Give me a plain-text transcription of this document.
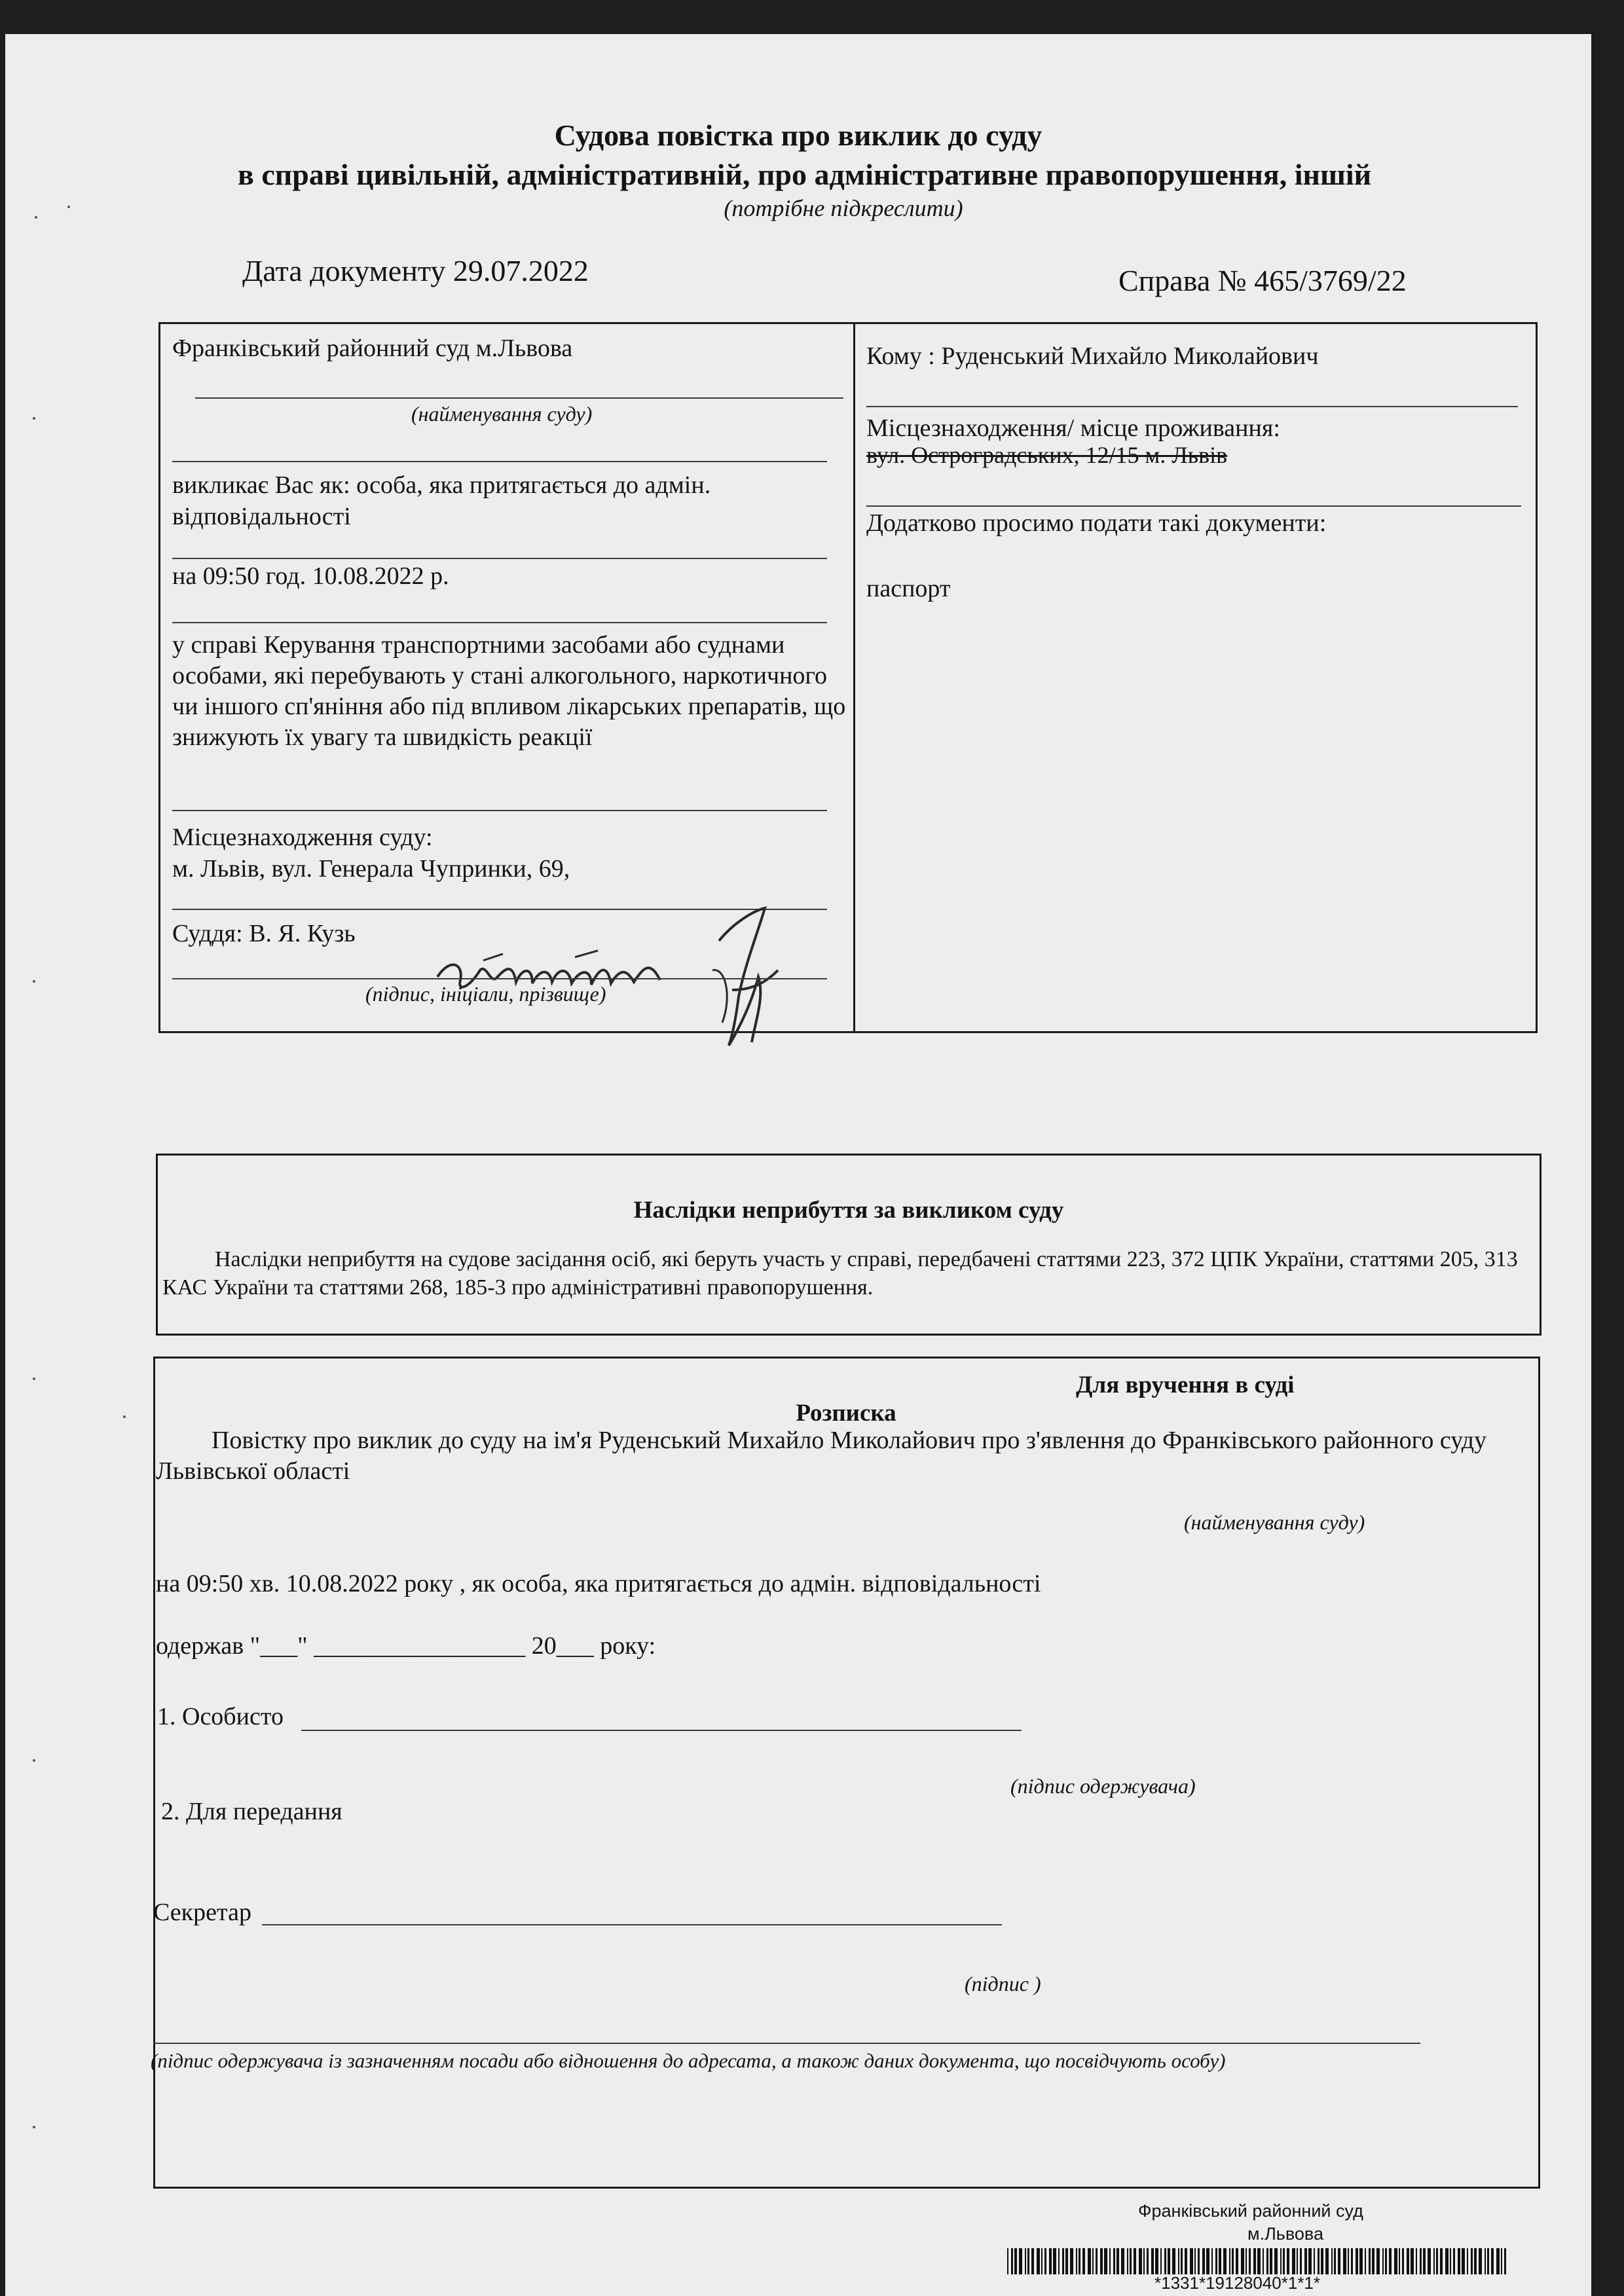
Судова повістка про виклик до суду
в справі цивільній, адміністративній, про адміністративне правопорушення, іншій
(потрібне підкреслити)
Дата документу 29.07.2022	Справа № 465/3769/22
Франківський районний суд м.Львова
(найменування суду)
викликає Вас як: особа, яка притягається до адмін. відповідальності
на 09:50 год. 10.08.2022 р.
у справі Керування транспортними засобами або суднами особами, які перебувають у стані алкогольного, наркотичного чи іншого сп'яніння або під впливом лікарських препаратів, що знижують їх увагу та швидкість реакції
Місцезнаходження суду:
м. Львів, вул. Генерала Чупринки, 69,
Суддя: В. Я. Кузь
(підпис, ініціали, прізвище)
Кому : Руденський Михайло Миколайович
Місцезнаходження/ місце проживання:
вул. Остроградських, 12/15 м. Львів
Додатково просимо подати такі документи:
паспорт
Наслідки неприбуття за викликом суду
Наслідки неприбуття на судове засідання осіб, які беруть участь у справі, передбачені статтями 223, 372 ЦПК України, статтями 205, 313 КАС України та статтями 268, 185-3 про адміністративні правопорушення.
Для вручення в суді
Розписка
Повістку про виклик до суду на ім'я Руденський Михайло Миколайович про з'явлення до Франківського районного суду Львівської області
(найменування суду)
на 09:50 хв. 10.08.2022 року , як особа, яка притягається до адмін. відповідальності
одержав "___" _________________ 20___ року:
1. Особисто
(підпис одержувача)
2. Для передання
Секретар
(підпис )
(підпис одержувача із зазначенням посади або відношення до адресата, а також даних документа, що посвідчують особу)
Франківський районний суд
м.Львова
*1331*19128040*1*1*
